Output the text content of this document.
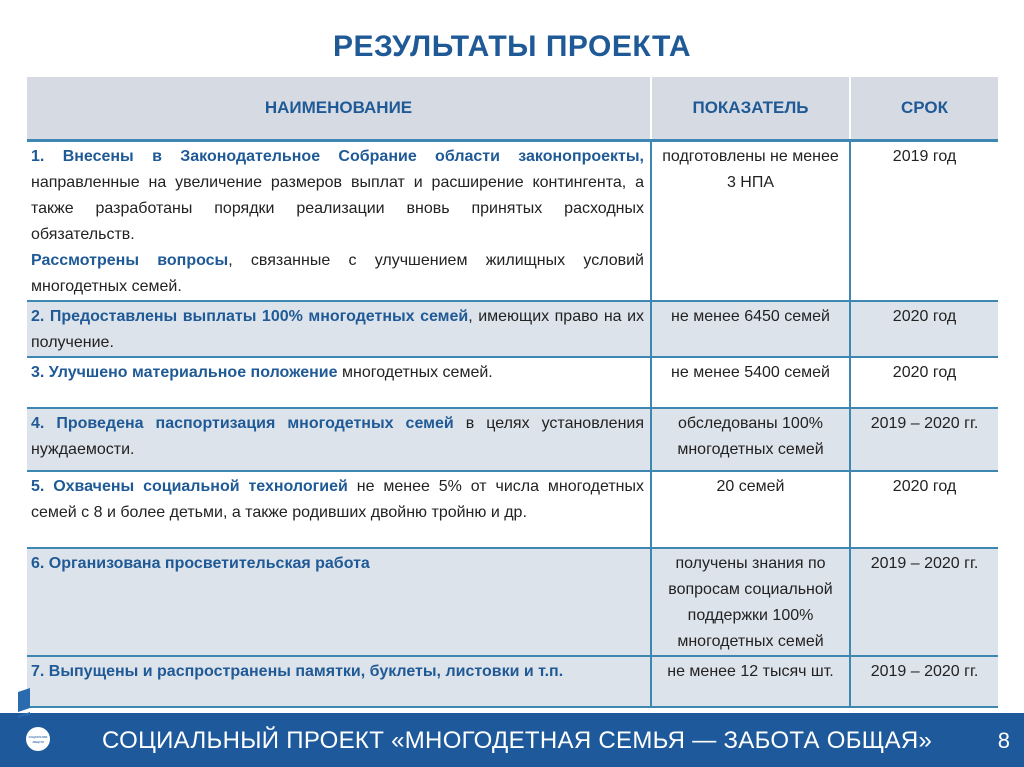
РЕЗУЛЬТАТЫ ПРОЕКТА
НАИМЕНОВАНИЕ	ПОКАЗАТЕЛЬ	СРОК

1. Внесены в Законодательное Собрание области законопроекты, направленные на увеличение размеров выплат и расширение контингента, а также разработаны порядки реализации вновь принятых расходных обязательств.
Рассмотрены вопросы, связанные с улучшением жилищных условий многодетных семей.	подготовлены не менее 3 НПА	2019 год
2. Предоставлены выплаты 100% многодетных семей, имеющих право на их получение.	не менее 6450 семей	2020 год
3. Улучшено материальное положение многодетных семей.	не менее 5400 семей	2020 год
4. Проведена паспортизация многодетных семей в целях установления нуждаемости.	обследованы 100% многодетных семей	2019 – 2020 гг.
5. Охвачены социальной технологией не менее 5% от числа многодетных семей с 8 и более детьми, а также родивших двойню тройню и др.	20 семей	2020 год
6. Организована просветительская работа	получены знания по вопросам социальной поддержки 100% многодетных семей	2019 – 2020 гг.
7. Выпущены и распространены памятки, буклеты, листовки и т.п.	не менее 12 тысяч шт.	2019 – 2020 гг.
СОЦИАЛЬНЫЙ ПРОЕКТ «МНОГОДЕТНАЯ СЕМЬЯ — ЗАБОТА ОБЩАЯ»	8
социальная
защита
